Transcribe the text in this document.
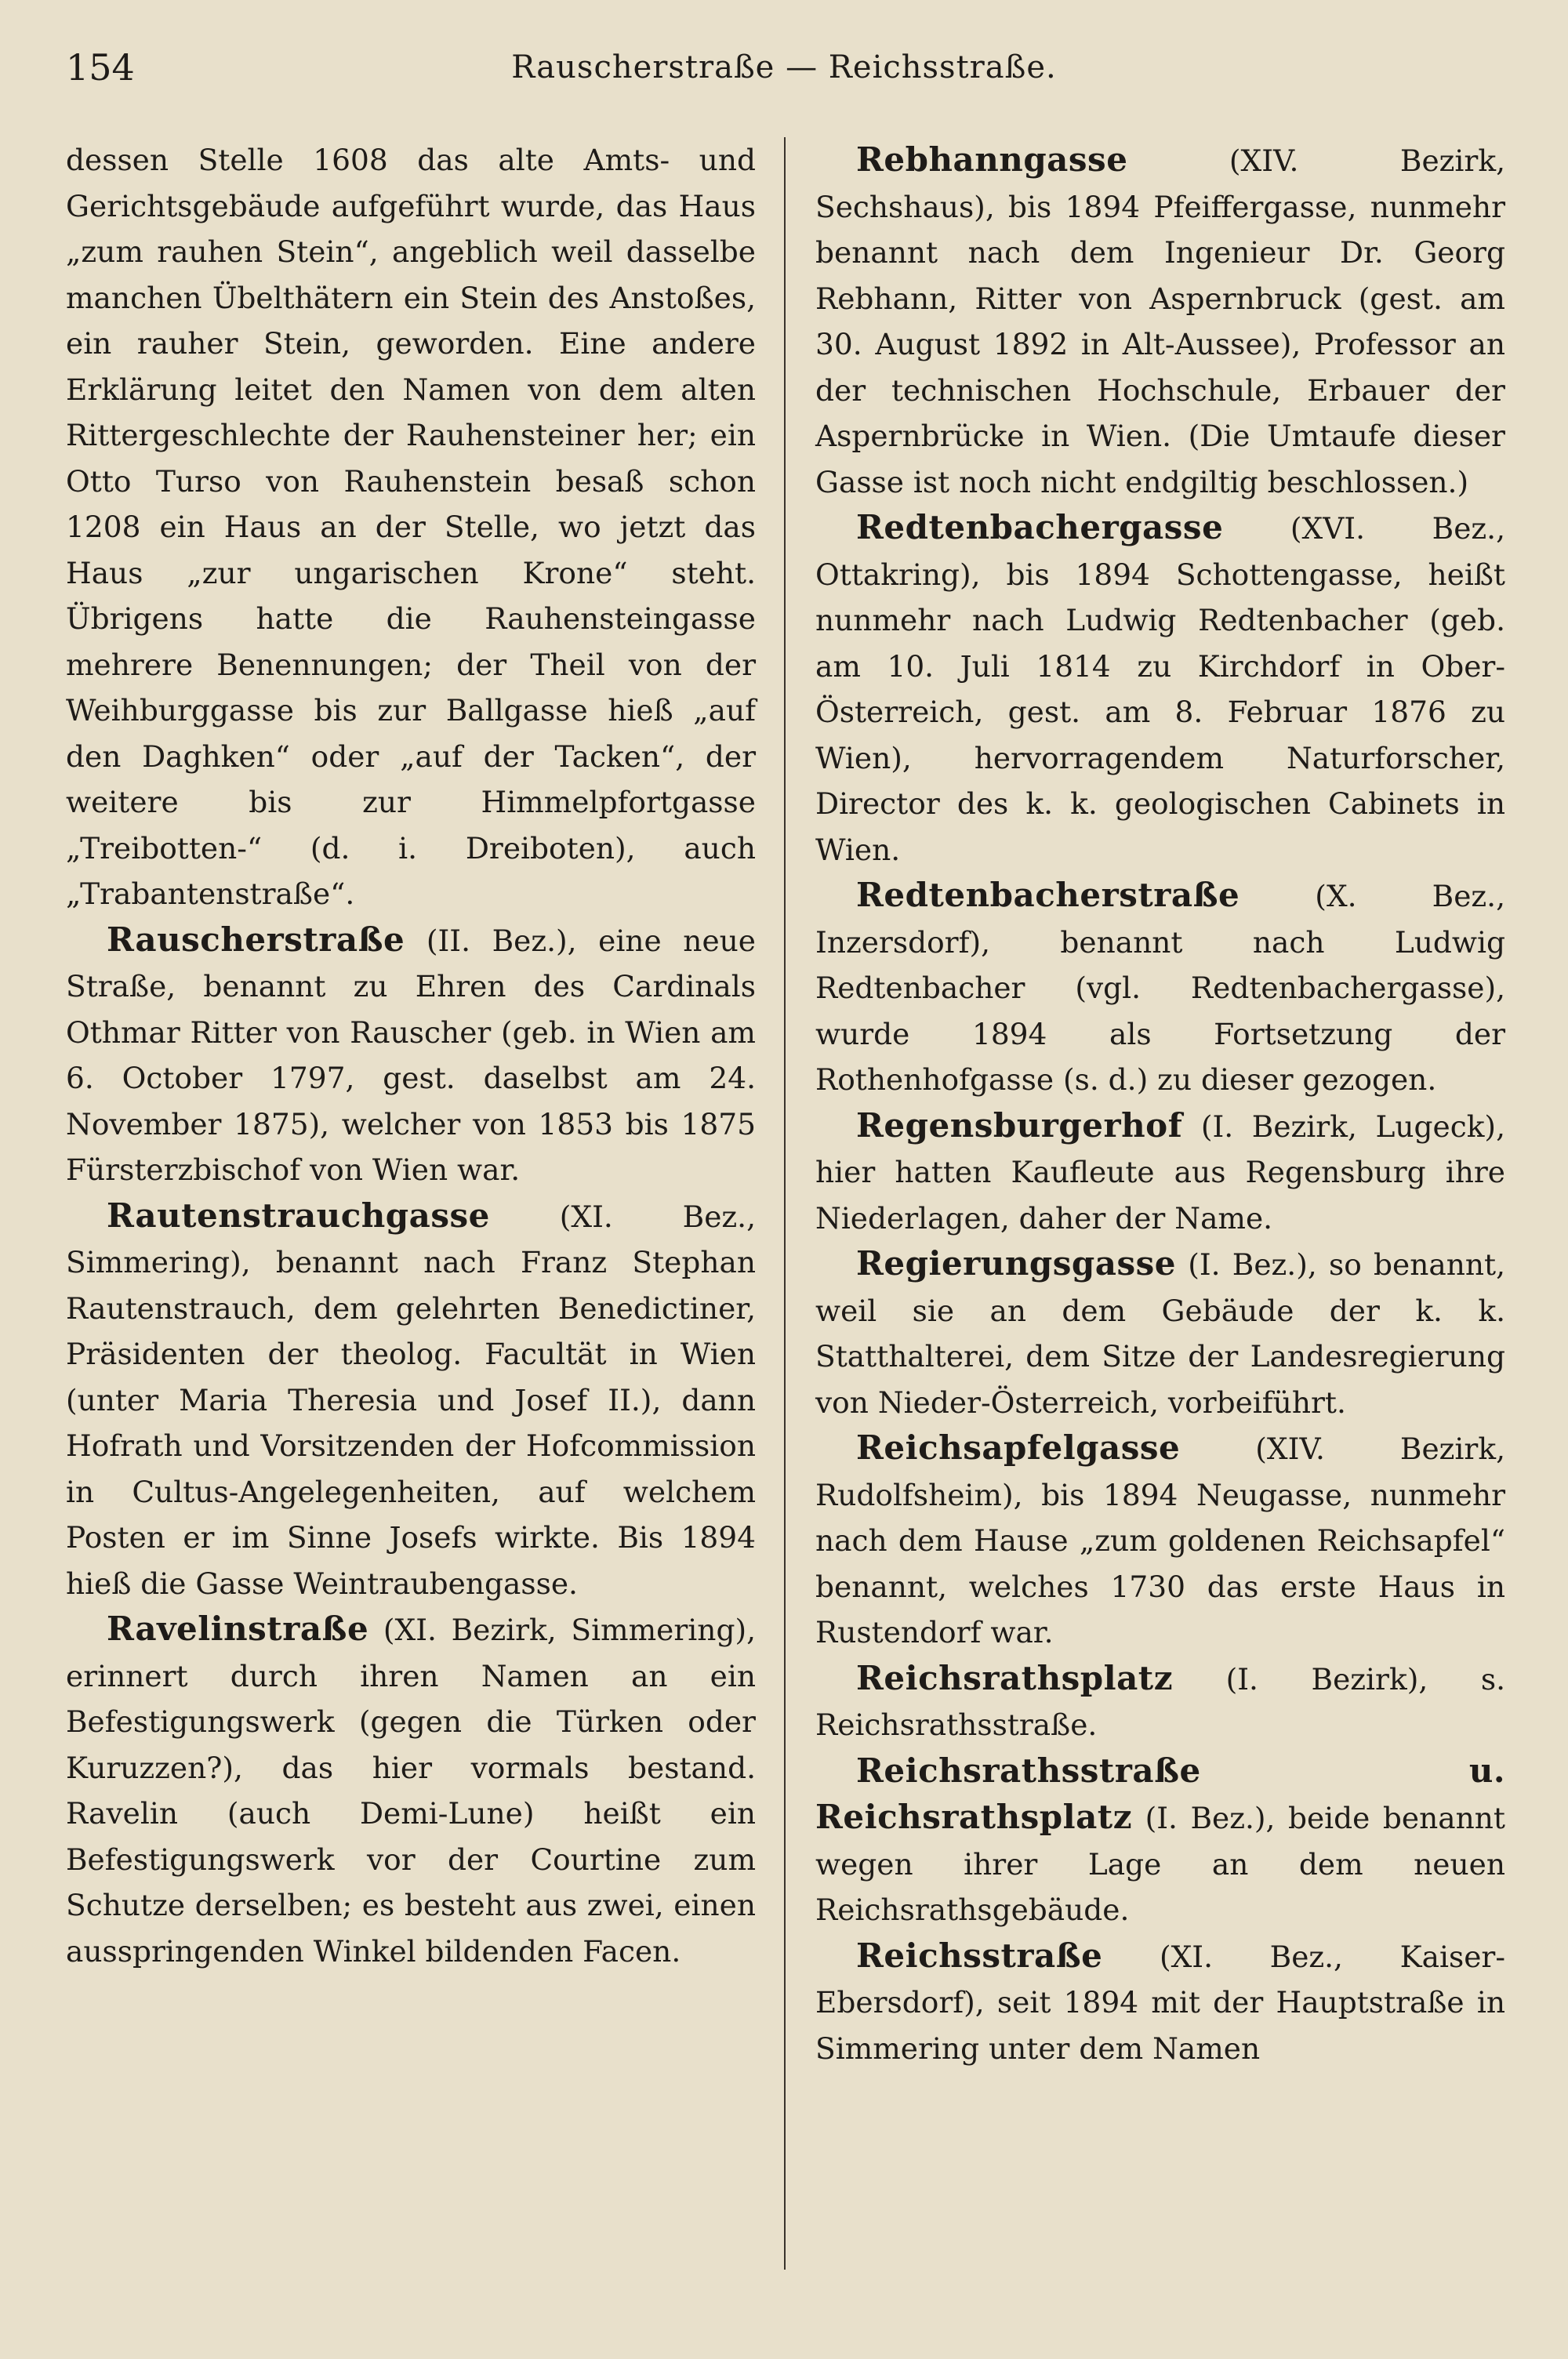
154	Rauscherstraße — Reichsstraße.

dessen Stelle 1608 das alte Amts- und Gerichtsgebäude aufgeführt wurde, das Haus „zum rauhen Stein“, angeblich weil dasselbe manchen Übelthätern ein Stein des Anstoßes, ein rauher Stein, geworden. Eine andere Erklärung leitet den Namen von dem alten Rittergeschlechte der Rauhensteiner her; ein Otto Turso von Rauhenstein besaß schon 1208 ein Haus an der Stelle, wo jetzt das Haus „zur ungarischen Krone“ steht. Übrigens hatte die Rauhensteingasse mehrere Benennungen; der Theil von der Weihburggasse bis zur Ballgasse hieß „auf den Daghken“ oder „auf der Tacken“, der weitere bis zur Himmelpfortgasse „Treibotten-“ (d. i. Dreiboten), auch „Trabantenstraße“.

Rauscherstraße (II. Bez.), eine neue Straße, benannt zu Ehren des Cardinals Othmar Ritter von Rauscher (geb. in Wien am 6. October 1797, gest. daselbst am 24. November 1875), welcher von 1853 bis 1875 Fürsterzbischof von Wien war.

Rautenstrauchgasse (XI. Bez., Simmering), benannt nach Franz Stephan Rautenstrauch, dem gelehrten Benedictiner, Präsidenten der theolog. Facultät in Wien (unter Maria Theresia und Josef II.), dann Hofrath und Vorsitzenden der Hofcommission in Cultus-Angelegenheiten, auf welchem Posten er im Sinne Josefs wirkte. Bis 1894 hieß die Gasse Weintraubengasse.

Ravelinstraße (XI. Bezirk, Simmering), erinnert durch ihren Namen an ein Befestigungswerk (gegen die Türken oder Kuruzzen?), das hier vormals bestand. Ravelin (auch Demi-Lune) heißt ein Befestigungswerk vor der Courtine zum Schutze derselben; es besteht aus zwei, einen ausspringenden Winkel bildenden Facen.

Rebhanngasse (XIV. Bezirk, Sechshaus), bis 1894 Pfeiffergasse, nunmehr benannt nach dem Ingenieur Dr. Georg Rebhann, Ritter von Aspernbruck (gest. am 30. August 1892 in Alt-Aussee), Professor an der technischen Hochschule, Erbauer der Aspernbrücke in Wien. (Die Umtaufe dieser Gasse ist noch nicht endgiltig beschlossen.)

Redtenbachergasse (XVI. Bez., Ottakring), bis 1894 Schottengasse, heißt nunmehr nach Ludwig Redtenbacher (geb. am 10. Juli 1814 zu Kirchdorf in Ober-Österreich, gest. am 8. Februar 1876 zu Wien), hervorragendem Naturforscher, Director des k. k. geologischen Cabinets in Wien.

Redtenbacherstraße (X. Bez., Inzersdorf), benannt nach Ludwig Redtenbacher (vgl. Redtenbachergasse), wurde 1894 als Fortsetzung der Rothenhofgasse (s. d.) zu dieser gezogen.

Regensburgerhof (I. Bezirk, Lugeck), hier hatten Kaufleute aus Regensburg ihre Niederlagen, daher der Name.

Regierungsgasse (I. Bez.), so benannt, weil sie an dem Gebäude der k. k. Statthalterei, dem Sitze der Landesregierung von Nieder-Österreich, vorbeiführt.

Reichsapfelgasse (XIV. Bezirk, Rudolfsheim), bis 1894 Neugasse, nunmehr nach dem Hause „zum goldenen Reichsapfel“ benannt, welches 1730 das erste Haus in Rustendorf war.

Reichsrathsplatz (I. Bezirk), s. Reichsrathsstraße.

Reichsrathsstraße u. Reichsrathsplatz (I. Bez.), beide benannt wegen ihrer Lage an dem neuen Reichsrathsgebäude.

Reichsstraße (XI. Bez., Kaiser-Ebersdorf), seit 1894 mit der Hauptstraße in Simmering unter dem Namen
